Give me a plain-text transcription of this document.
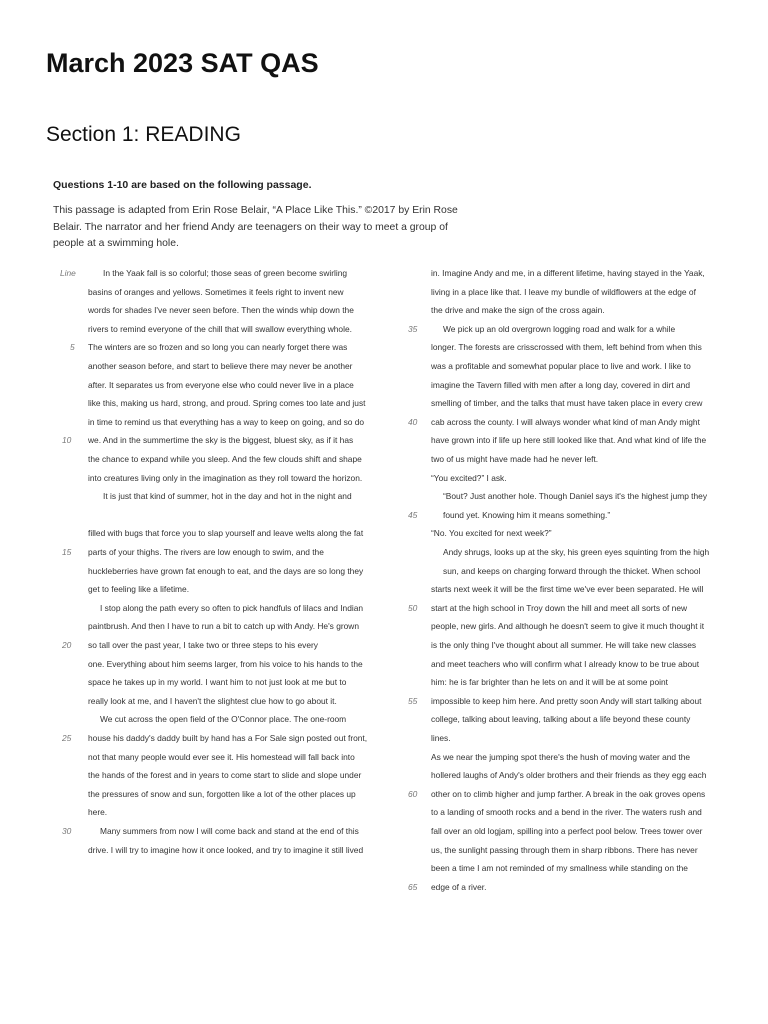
March 2023 SAT QAS
Section 1: READING
Questions 1-10 are based on the following passage.
This passage is adapted from Erin Rose Belair, “A Place Like This.” ©2017 by Erin Rose
Belair. The narrator and her friend Andy are teenagers on their way to meet a group of
people at a swimming hole.
Line	In the Yaak fall is so colorful; those seas of green become swirling
basins of oranges and yellows. Sometimes it feels right to invent new
words for shades I've never seen before. Then the winds whip down the
rivers to remind everyone of the chill that will swallow everything whole.
The winters are so frozen and so long you can nearly forget there was
5
another season before, and start to believe there may never be another
after. It separates us from everyone else who could never live in a place
like this, making us hard, strong, and proud. Spring comes too late and just
in time to remind us that everything has a way to keep on going, and so do
we. And in the summertime the sky is the biggest, bluest sky, as if it has
10
the chance to expand while you sleep. And the few clouds shift and shape
into creatures living only in the imagination as they roll toward the horizon.
It is just that kind of summer, hot in the day and hot in the night and
filled with bugs that force you to slap yourself and leave welts along the fat
parts of your thighs. The rivers are low enough to swim, and the
15
huckleberries have grown fat enough to eat, and the days are so long they
get to feeling like a lifetime.
I stop along the path every so often to pick handfuls of lilacs and Indian
paintbrush. And then I have to run a bit to catch up with Andy. He's grown
so tall over the past year, I take two or three steps to his every
20
one. Everything about him seems larger, from his voice to his hands to the
space he takes up in my world. I want him to not just look at me but to
really look at me, and I haven't the slightest clue how to go about it.
We cut across the open field of the O'Connor place. The one-room
house his daddy's daddy built by hand has a For Sale sign posted out front,
25
not that many people would ever see it. His homestead will fall back into
the hands of the forest and in years to come start to slide and slope under
the pressures of snow and sun, forgotten like a lot of the other places up
here.
Many summers from now I will come back and stand at the end of this
30
drive. I will try to imagine how it once looked, and try to imagine it still lived
in. Imagine Andy and me, in a different lifetime, having stayed in the Yaak,
living in a place like that. I leave my bundle of wildflowers at the edge of
the drive and make the sign of the cross again.
We pick up an old overgrown logging road and walk for a while
35
longer. The forests are crisscrossed with them, left behind from when this
was a profitable and somewhat popular place to live and work. I like to
imagine the Tavern filled with men after a long day, covered in dirt and
smelling of timber, and the talks that must have taken place in every crew
cab across the county. I will always wonder what kind of man Andy might
40
have grown into if life up here still looked like that. And what kind of life the
two of us might have made had he never left.
“You excited?” I ask.
“Bout? Just another hole. Though Daniel says it's the highest jump they
found yet. Knowing him it means something.”
45
“No. You excited for next week?”
Andy shrugs, looks up at the sky, his green eyes squinting from the high
sun, and keeps on charging forward through the thicket. When school
starts next week it will be the first time we've ever been separated. He will
start at the high school in Troy down the hill and meet all sorts of new
50
people, new girls. And although he doesn't seem to give it much thought it
is the only thing I've thought about all summer. He will take new classes
and meet teachers who will confirm what I already know to be true about
him: he is far brighter than he lets on and it will be at some point
impossible to keep him here. And pretty soon Andy will start talking about
55
college, talking about leaving, talking about a life beyond these county
lines.
As we near the jumping spot there's the hush of moving water and the
hollered laughs of Andy's older brothers and their friends as they egg each
other on to climb higher and jump farther. A break in the oak groves opens
60
to a landing of smooth rocks and a bend in the river. The waters rush and
fall over an old logjam, spilling into a perfect pool below. Trees tower over
us, the sunlight passing through them in sharp ribbons. There has never
been a time I am not reminded of my smallness while standing on the
edge of a river.
65
